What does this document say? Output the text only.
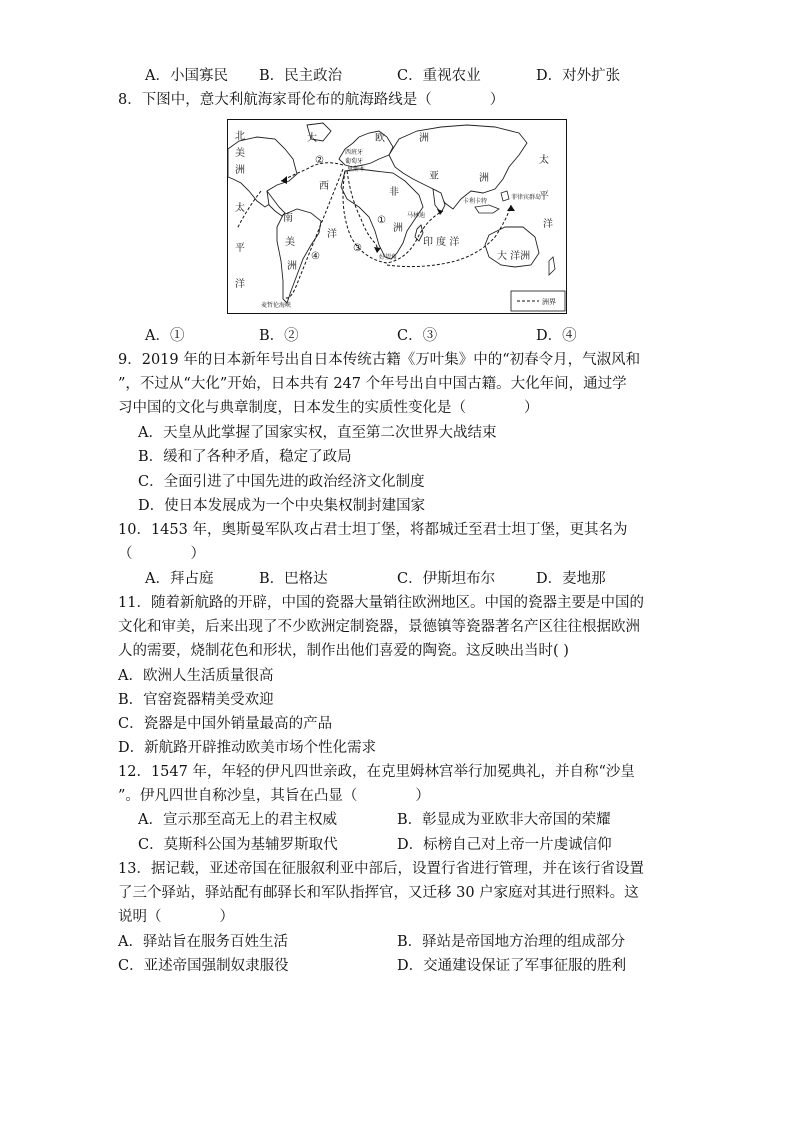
A．小国寡民 B．民主政治	C．重视农业	D．对外扩张
8．下图中，意大利航海家哥伦布的航海路线是（　　　　）
北
美
洲
太
平
洋
大
西
洋
南
美
洲
欧	洲
亚	洲
非
洲
印 度 洋
太
平
洋
大 洋洲
西班牙
葡萄牙
里斯本
马林迪
卡利卡特
菲律宾群岛
好望角
麦哲伦海峡
①
②
③
④
洲界
A．①	B．②	C．③	D．④
9．2019 年的日本新年号出自日本传统古籍《万叶集》中的“初春令月，气淑风和
”，不过从“大化”开始，日本共有 247 个年号出自中国古籍。大化年间，通过学
习中国的文化与典章制度，日本发生的实质性变化是（　　　　）
A．天皇从此掌握了国家实权，直至第二次世界大战结束
B．缓和了各种矛盾，稳定了政局
C．全面引进了中国先进的政治经济文化制度
D．使日本发展成为一个中央集权制封建国家
10．1453 年，奥斯曼军队攻占君士坦丁堡，将都城迁至君士坦丁堡，更其名为
（　　　　）
A．拜占庭	B．巴格达	C．伊斯坦布尔	D．麦地那
11．随着新航路的开辟，中国的瓷器大量销往欧洲地区。中国的瓷器主要是中国的
文化和审美，后来出现了不少欧洲定制瓷器，景德镇等瓷器著名产区往往根据欧洲
人的需要，烧制花色和形状，制作出他们喜爱的陶瓷。这反映出当时( )
A．欧洲人生活质量很高
B．官窑瓷器精美受欢迎
C．瓷器是中国外销量最高的产品
D．新航路开辟推动欧美市场个性化需求
12．1547 年，年轻的伊凡四世亲政，在克里姆林宫举行加冕典礼，并自称“沙皇
”。伊凡四世自称沙皇，其旨在凸显（　　　　）
A．宣示那至高无上的君主权威	B．彰显成为亚欧非大帝国的荣耀
C．莫斯科公国为基辅罗斯取代	D．标榜自己对上帝一片虔诚信仰
13．据记载，亚述帝国在征服叙利亚中部后，设置行省进行管理，并在该行省设置
了三个驿站，驿站配有邮驿长和军队指挥官，又迁移 30 户家庭对其进行照料。这
说明（　　　　）
A．驿站旨在服务百姓生活	B．驿站是帝国地方治理的组成部分
C．亚述帝国强制奴隶服役	D．交通建设保证了军事征服的胜利
